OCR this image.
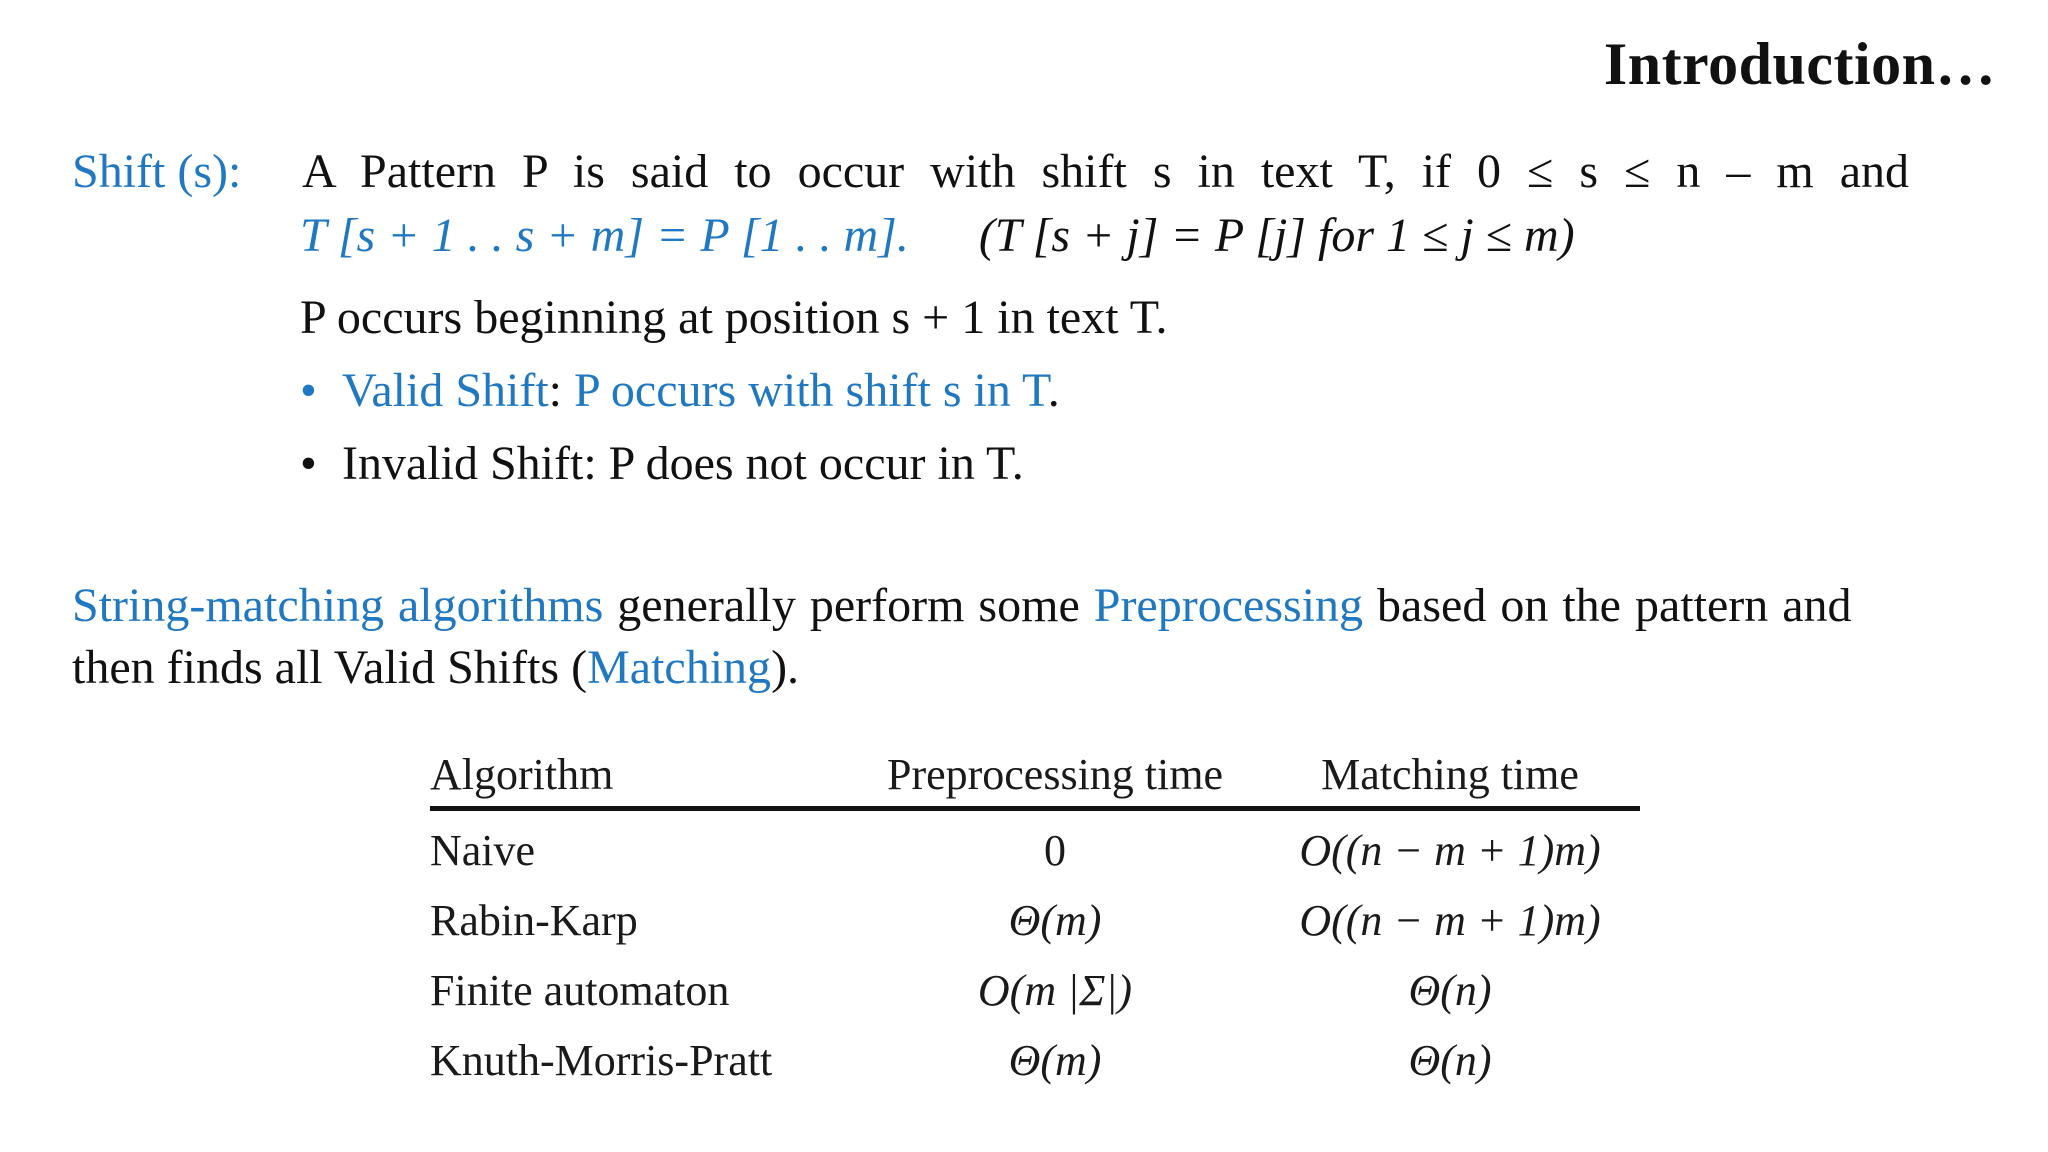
Introduction…
Shift (s): A Pattern P is said to occur with shift s in text T, if 0 ≤ s ≤ n – m and
T [s + 1 . . s + m] = P [1 . . m]. (T [s + j] = P [j] for 1 ≤ j ≤ m)
P occurs beginning at position s + 1 in text T.
• Valid Shift: P occurs with shift s in T.
• Invalid Shift: P does not occur in T.
String-matching algorithms generally perform some Preprocessing based on the pattern and
then finds all Valid Shifts (Matching).
Algorithm	Preprocessing time	Matching time
Naive	0	O((n − m + 1)m)
Rabin-Karp	Θ(m)	O((n − m + 1)m)
Finite automaton	O(m |Σ|)	Θ(n)
Knuth-Morris-Pratt	Θ(m)	Θ(n)
